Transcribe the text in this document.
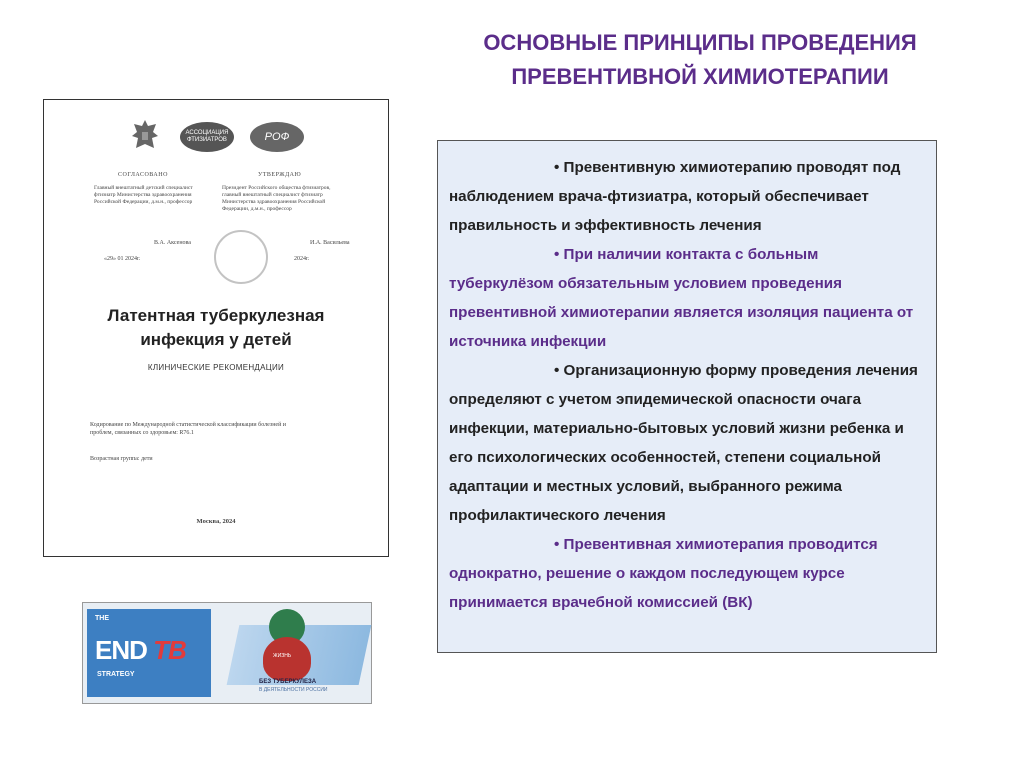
ОСНОВНЫЕ ПРИНЦИПЫ ПРОВЕДЕНИЯ
ПРЕВЕНТИВНОЙ ХИМИОТЕРАПИИ
АССОЦИАЦИЯ ФТИЗИАТРОВ	РОФ
СОГЛАСОВАНО	УТВЕРЖДАЮ
Главный внештатный детский специалист фтизиатр Министерства здравоохранения Российской Федерации, д.м.н., профессор
Президент Российского общества фтизиатров, главный внештатный специалист фтизиатр Министерства здравоохранения Российской Федерации, д.м.н., профессор
В.А. Аксенова
«29» 01 2024г.
И.А. Васильева
2024г.
Латентная туберкулезная
инфекция у детей
КЛИНИЧЕСКИЕ РЕКОМЕНДАЦИИ
Кодирование по Международной статистической классификации болезней и проблем, связанных со здоровьем: R76.1
Возрастная группа: дети
Москва, 2024
THE
END TB
STRATEGY
ЖИЗНЬ
БЕЗ ТУБЕРКУЛЕЗА
В ДЕЯТЕЛЬНОСТИ РОССИИ

• Превентивную химиотерапию проводят под наблюдением врача-фтизиатра, который обеспечивает правильность и эффективность лечения

• При наличии контакта с больным туберкулёзом обязательным условием проведения превентивной химиотерапии является изоляция пациента от источника инфекции

• Организационную форму проведения лечения определяют с учетом эпидемической опасности очага инфекции, материально-бытовых условий жизни ребенка и его психологических особенностей, степени социальной адаптации и местных условий, выбранного режима профилактического лечения

• Превентивная химиотерапия проводится однократно, решение о каждом последующем курсе принимается врачебной комиссией (ВК)
